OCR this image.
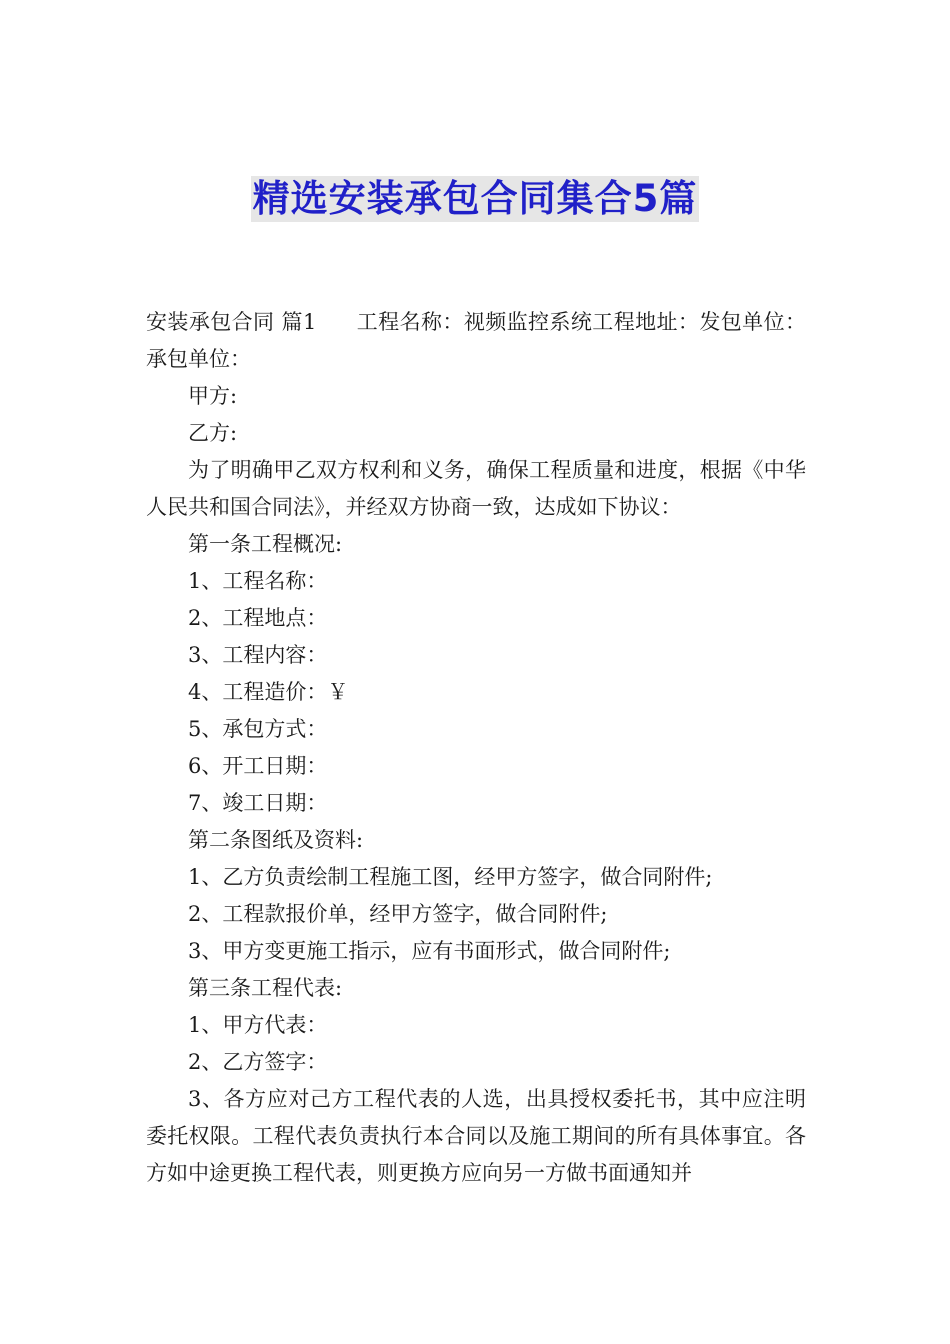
精选安装承包合同集合5篇

安装承包合同 篇1 工程名称：视频监控系统工程地址：发包单位：承包单位：

甲方:

乙方:

为了明确甲乙双方权利和义务，确保工程质量和进度，根据《中华人民共和国合同法》，并经双方协商一致，达成如下协议：

第一条工程概况:

1、工程名称：

2、工程地点：

3、工程内容：

4、工程造价：￥

5、承包方式：

6、开工日期：

7、竣工日期：

第二条图纸及资料:

1、乙方负责绘制工程施工图，经甲方签字，做合同附件;

2、工程款报价单，经甲方签字，做合同附件;

3、甲方变更施工指示，应有书面形式，做合同附件;

第三条工程代表:

1、甲方代表：

2、乙方签字：

3、各方应对己方工程代表的人选，出具授权委托书，其中应注明委托权限。工程代表负责执行本合同以及施工期间的所有具体事宜。各方如中途更换工程代表，则更换方应向另一方做书面通知并
